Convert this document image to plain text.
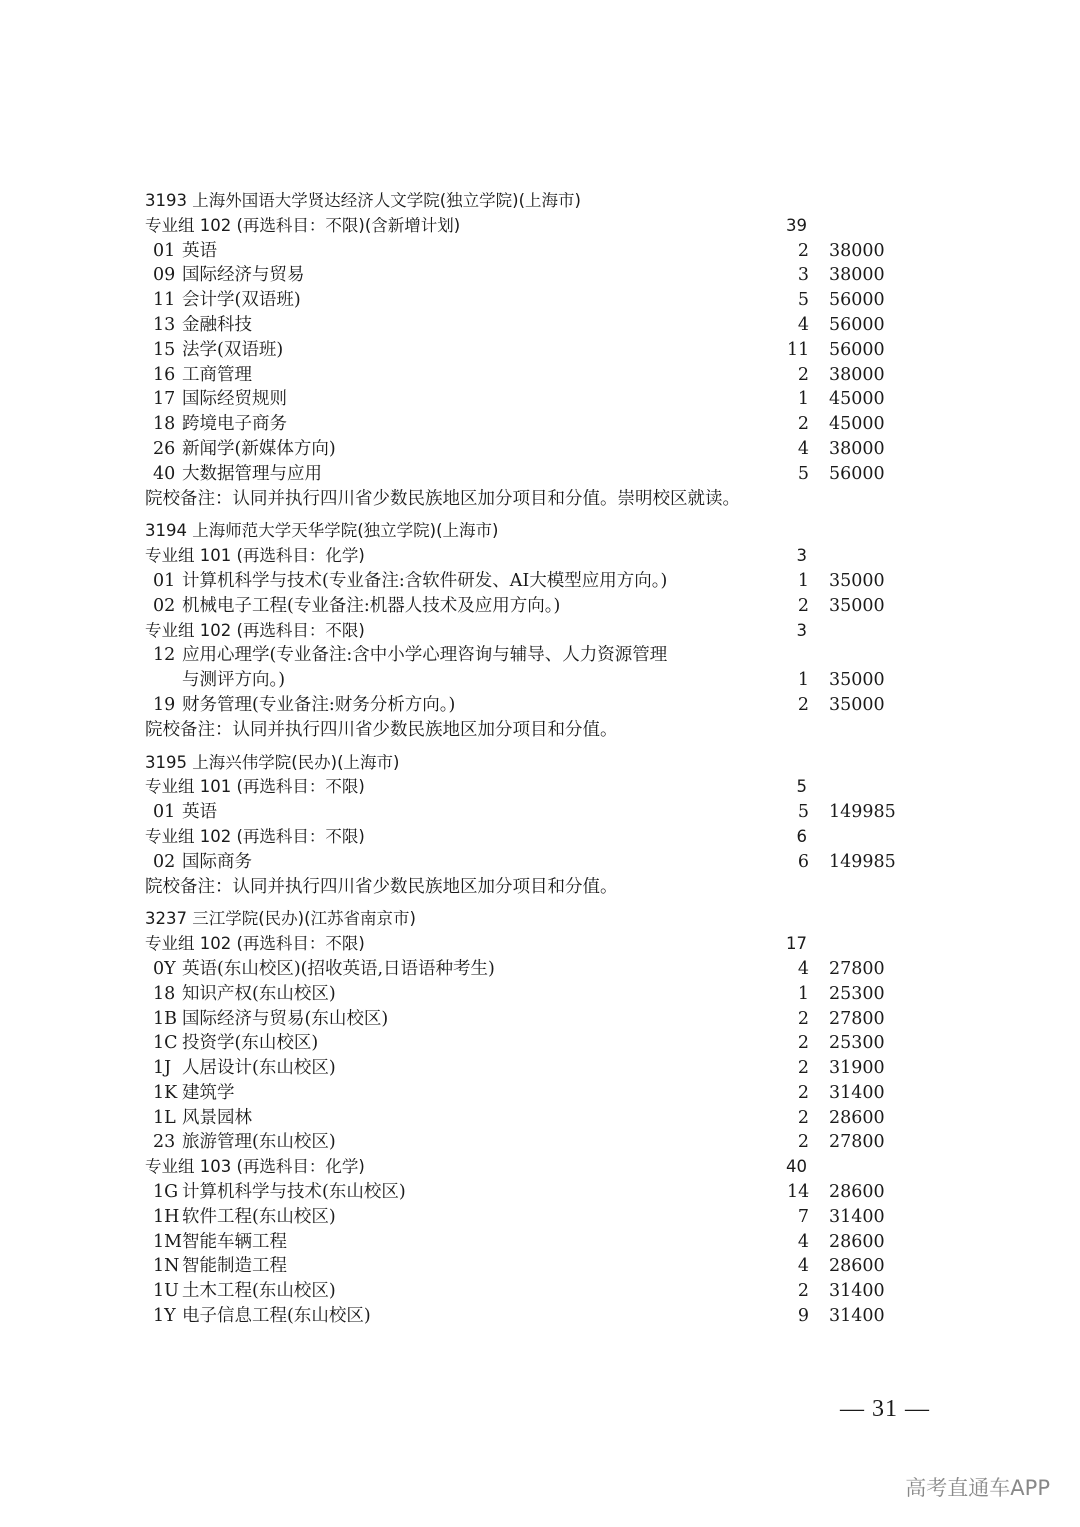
3193 上海外国语大学贤达经济人文学院(独立学院)(上海市)
专业组 102 (再选科目：不限)(含新增计划)	39
01 英语	2 38000
09 国际经济与贸易	3 38000
11 会计学(双语班)	5 56000
13 金融科技	4 56000
15 法学(双语班)	11 56000
16 工商管理	2 38000
17 国际经贸规则	1 45000
18 跨境电子商务	2 45000
26 新闻学(新媒体方向)	4 38000
40 大数据管理与应用	5 56000
院校备注：认同并执行四川省少数民族地区加分项目和分值。崇明校区就读。
3194 上海师范大学天华学院(独立学院)(上海市)
专业组 101 (再选科目：化学)	3
01 计算机科学与技术(专业备注:含软件研发、AI大模型应用方向。)	1 35000
02 机械电子工程(专业备注:机器人技术及应用方向。)	2 35000
专业组 102 (再选科目：不限)	3
12 应用心理学(专业备注:含中小学心理咨询与辅导、人力资源管理
与测评方向。)	1 35000
19 财务管理(专业备注:财务分析方向。)	2 35000
院校备注：认同并执行四川省少数民族地区加分项目和分值。
3195 上海兴伟学院(民办)(上海市)
专业组 101 (再选科目：不限)	5
01 英语	5 149985
专业组 102 (再选科目：不限)	6
02 国际商务	6 149985
院校备注：认同并执行四川省少数民族地区加分项目和分值。
3237 三江学院(民办)(江苏省南京市)
专业组 102 (再选科目：不限)	17
0Y 英语(东山校区)(招收英语,日语语种考生)	4 27800
18 知识产权(东山校区)	1 25300
1B 国际经济与贸易(东山校区)	2 27800
1C 投资学(东山校区)	2 25300
1J 人居设计(东山校区)	2 31900
1K 建筑学	2 31400
1L 风景园林	2 28600
23 旅游管理(东山校区)	2 27800
专业组 103 (再选科目：化学)	40
1G 计算机科学与技术(东山校区)	14 28600
1H 软件工程(东山校区)	7 31400
1M 智能车辆工程	4 28600
1N 智能制造工程	4 28600
1U 土木工程(东山校区)	2 31400
1Y 电子信息工程(东山校区)	9 31400
— 31 —
高考直通车APP
